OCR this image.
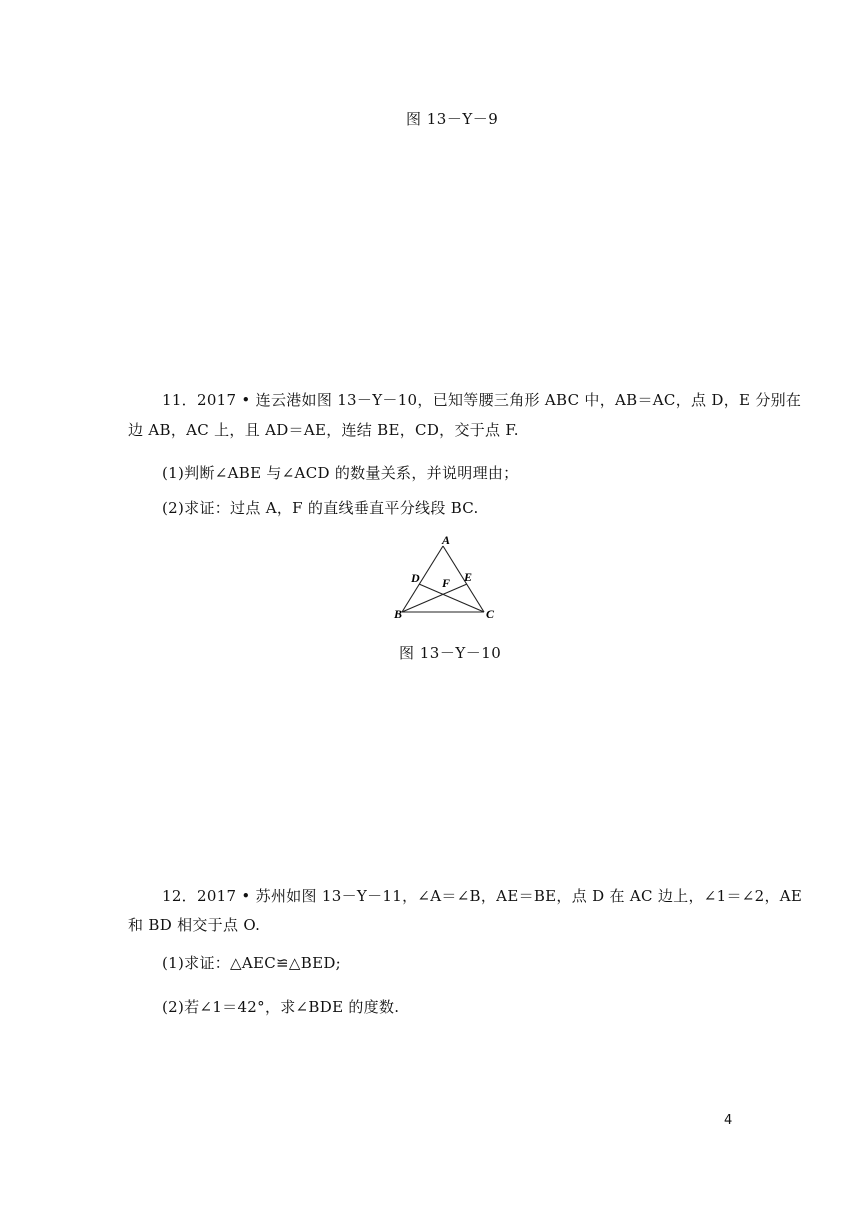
图 13－Y－9
11．2017 • 连云港如图 13－Y－10，已知等腰三角形 ABC 中，AB＝AC，点 D，E 分别在
边 AB，AC 上，且 AD＝AE，连结 BE，CD，交于点 F.
(1)判断∠ABE 与∠ACD 的数量关系，并说明理由；
(2)求证：过点 A，F 的直线垂直平分线段 BC.
A
D	E
F
B	C
图 13－Y－10
12．2017 • 苏州如图 13－Y－11，∠A＝∠B，AE＝BE，点 D 在 AC 边上，∠1＝∠2，AE
和 BD 相交于点 O.
(1)求证：△AEC≌△BED;
(2)若∠1＝42°，求∠BDE 的度数.
4
